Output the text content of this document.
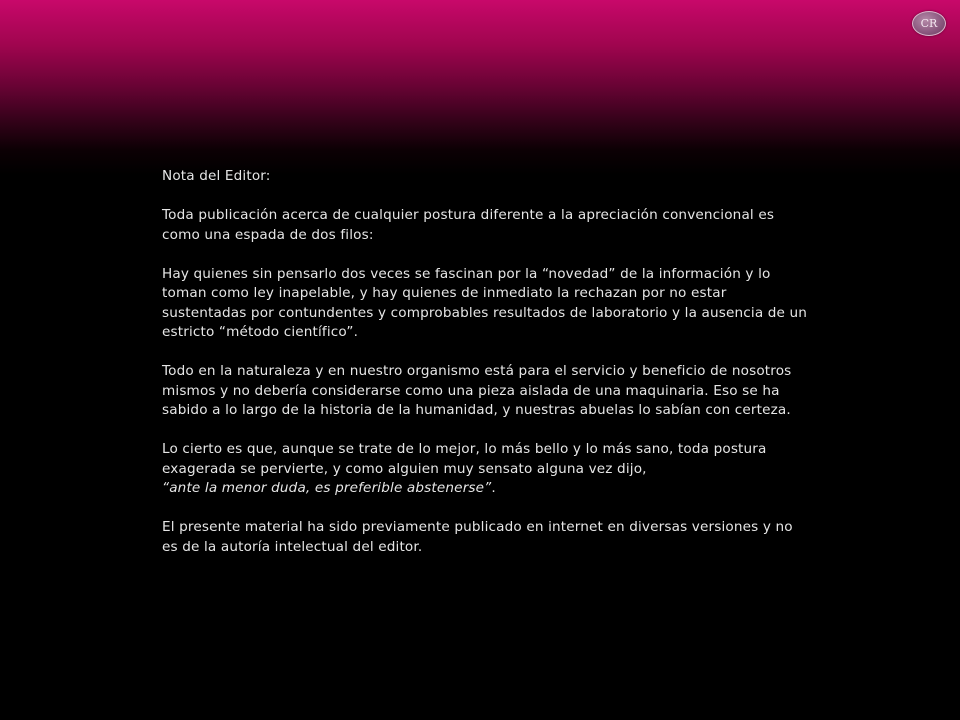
CR

Nota del Editor:

Toda publicación acerca de cualquier postura diferente a la apreciación convencional es como una espada de dos filos:

Hay quienes sin pensarlo dos veces se fascinan por la “novedad” de la información y lo toman como ley inapelable, y hay quienes de inmediato la rechazan por no estar sustentadas por contundentes y comprobables resultados de laboratorio y la ausencia de un estricto “método científico”.

Todo en la naturaleza y en nuestro organismo está para el servicio y beneficio de nosotros mismos y no debería considerarse como una pieza aislada de una maquinaria. Eso se ha sabido a lo largo de la historia de la humanidad, y nuestras abuelas lo sabían con certeza.

Lo cierto es que, aunque se trate de lo mejor, lo más bello y lo más sano, toda postura exagerada se pervierte, y como alguien muy sensato alguna vez dijo,
“ante la menor duda, es preferible abstenerse”.

El presente material ha sido previamente publicado en internet en diversas versiones y no es de la autoría intelectual del editor.
